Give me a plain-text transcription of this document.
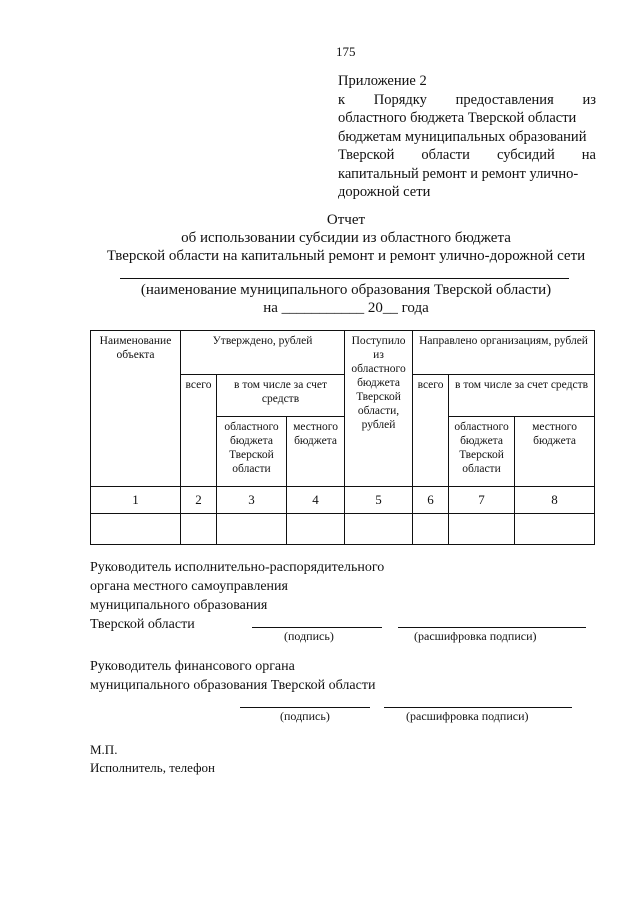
175
Приложение 2
к Порядку предоставления из
областного бюджета Тверской области
бюджетам муниципальных образований
Тверской области субсидий на
капитальный ремонт и ремонт улично-
дорожной сети
Отчет
об использовании субсидии из областного бюджета
Тверской области на капитальный ремонт и ремонт улично-дорожной сети
(наименование муниципального образования Тверской области)
на ___________ 20__ года
Наименование объекта	Утверждено, рублей			Поступило из областного бюджета Тверской области, рублей	Направлено организациям, рублей		
	всего	в том числе за счет средств			всего	в том числе за счет средств	
		областного бюджета Тверской области	местного бюджета			областного бюджета Тверской области	местного бюджета
1	2	3	4	5	6	7	8

Руководитель исполнительно-распорядительного
органа местного самоуправления
муниципального образования
Тверской области
(подпись)	(расшифровка подписи)
Руководитель финансового органа
муниципального образования Тверской области
(подпись)	(расшифровка подписи)
М.П.
Исполнитель, телефон
